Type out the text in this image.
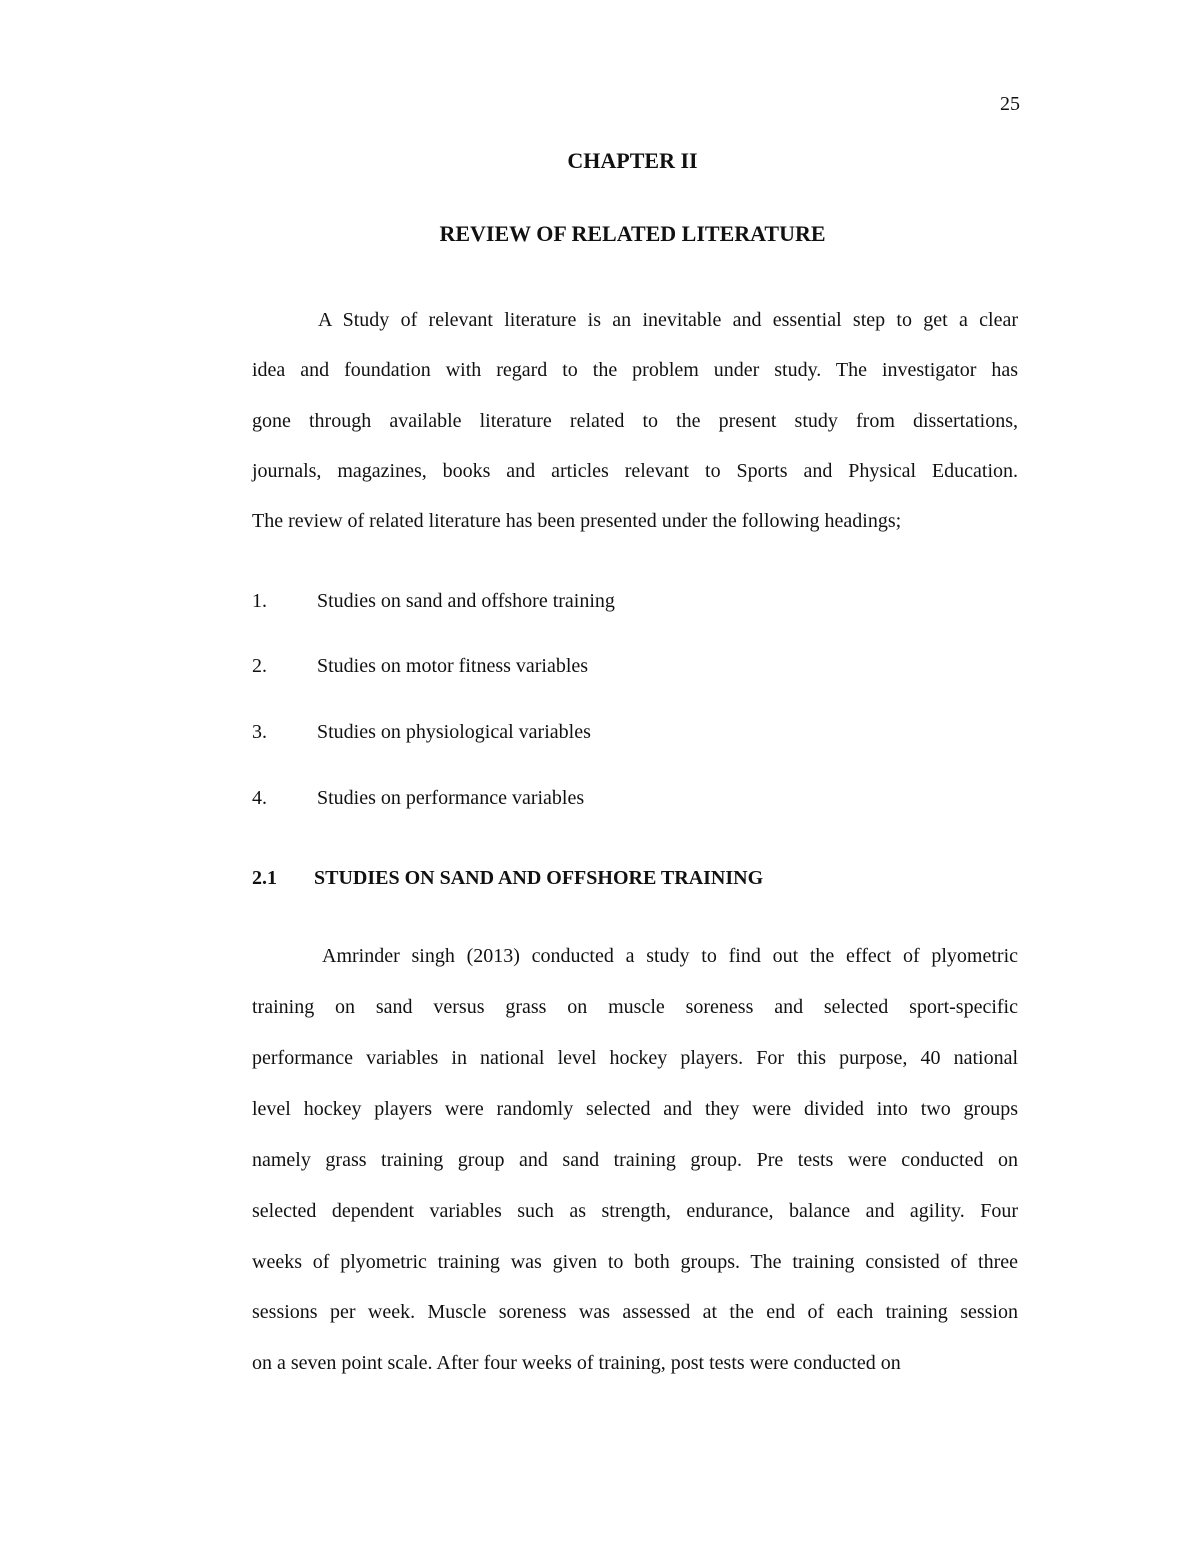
25
CHAPTER II
REVIEW OF RELATED LITERATURE
A Study of relevant literature is an inevitable and essential step to get a clear
idea and foundation with regard to the problem under study. The investigator has
gone through available literature related to the present study from dissertations,
journals, magazines, books and articles relevant to Sports and Physical Education.
The review of related literature has been presented under the following headings;
1.	Studies on sand and offshore training
2.	Studies on motor fitness variables
3.	Studies on physiological variables
4.	Studies on performance variables
2.1 STUDIES ON SAND AND OFFSHORE TRAINING
Amrinder singh (2013) conducted a study to find out the effect of plyometric
training on sand versus grass on muscle soreness and selected sport-specific
performance variables in national level hockey players. For this purpose, 40 national
level hockey players were randomly selected and they were divided into two groups
namely grass training group and sand training group. Pre tests were conducted on
selected dependent variables such as strength, endurance, balance and agility. Four
weeks of plyometric training was given to both groups. The training consisted of three
sessions per week. Muscle soreness was assessed at the end of each training session
on a seven point scale. After four weeks of training, post tests were conducted on
